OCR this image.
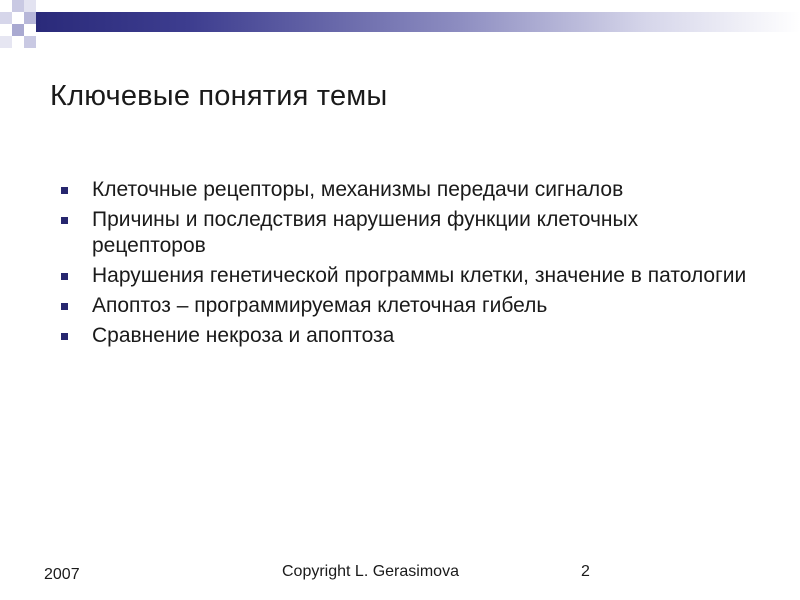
Ключевые понятия темы
Клеточные рецепторы, механизмы передачи сигналов
Причины и последствия нарушения функции клеточных рецепторов
Нарушения генетической программы клетки, значение в патологии
Апоптоз – программируемая клеточная гибель
Сравнение некроза и апоптоза
2007	Copyright L. Gerasimova	2
